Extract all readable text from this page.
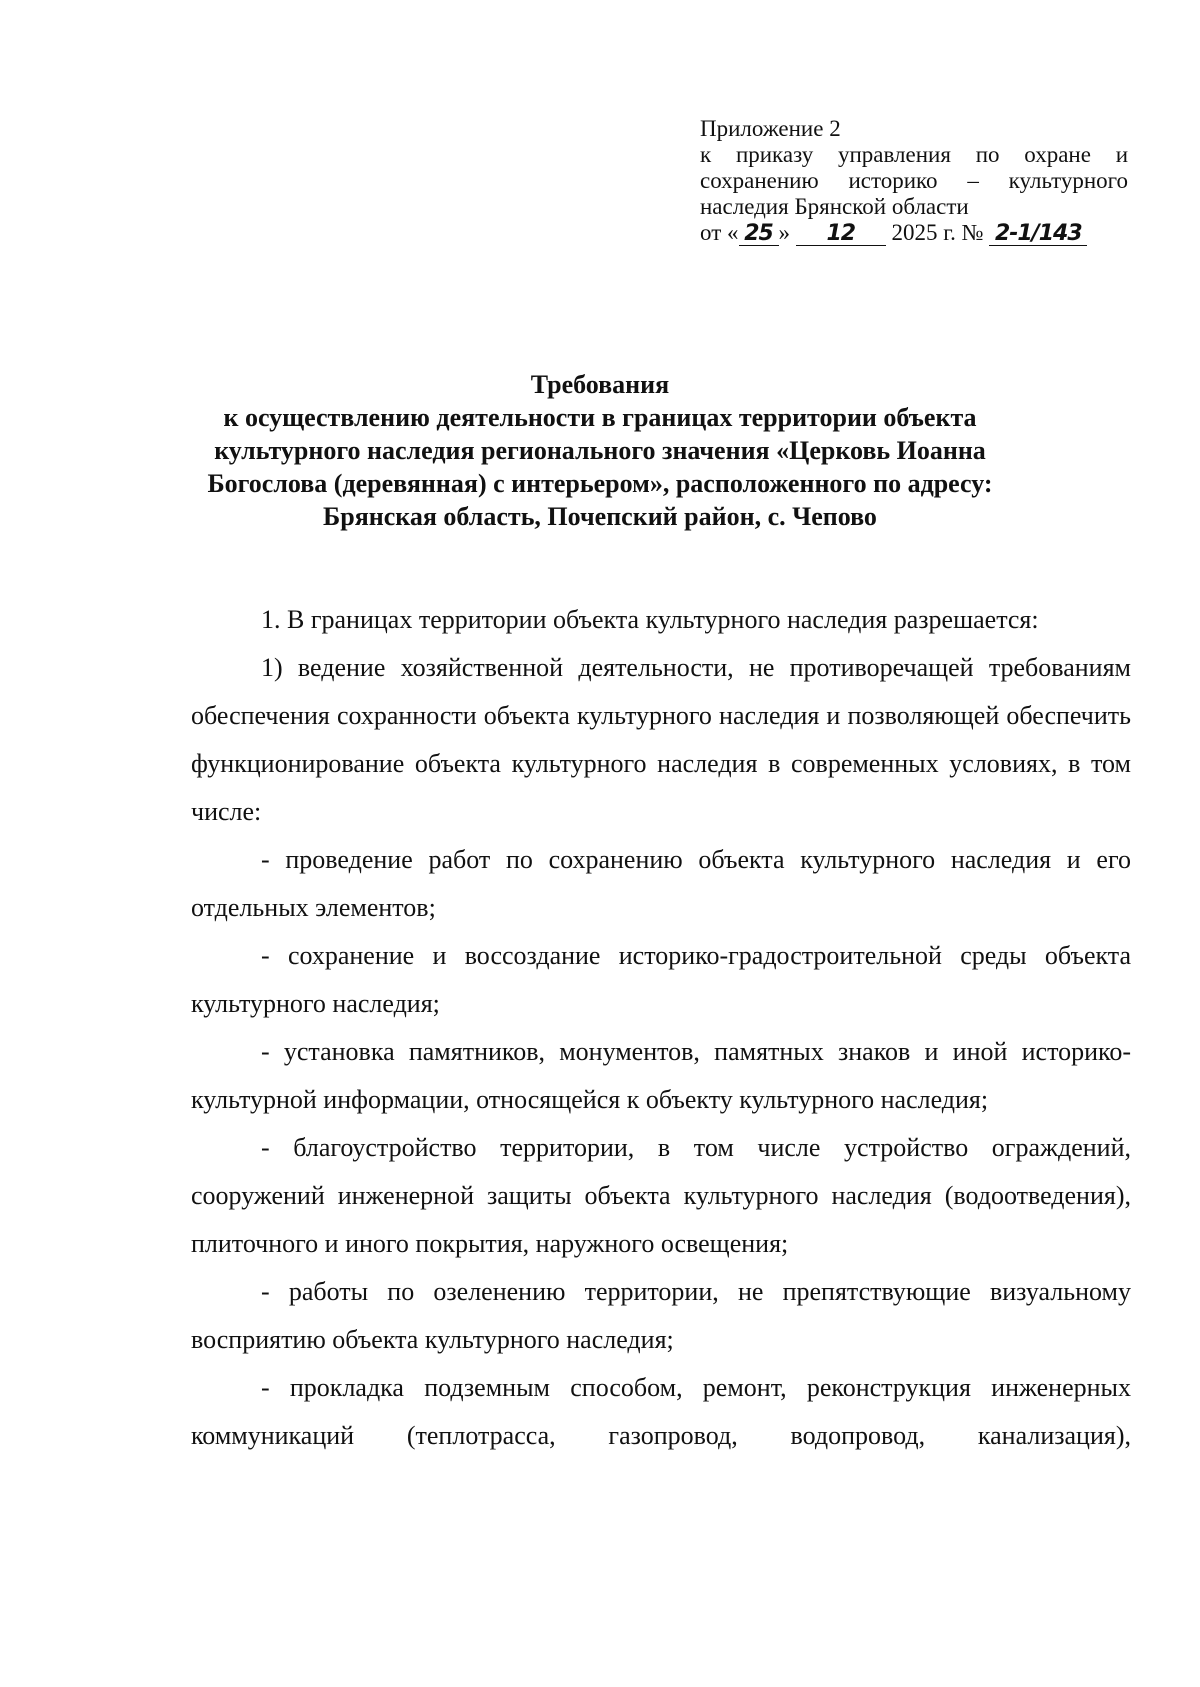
Приложение 2
к приказу управления по охране и
сохранению историко – культурного
наследия Брянской области
от « 25 » 12 2025 г. № 2-1/143
Требования
к осуществлению деятельности в границах территории объекта
культурного наследия регионального значения «Церковь Иоанна
Богослова (деревянная) с интерьером», расположенного по адресу:
Брянская область, Почепский район, с. Чепово

1. В границах территории объекта культурного наследия разрешается:

1) ведение хозяйственной деятельности, не противоречащей требованиям обеспечения сохранности объекта культурного наследия и позволяющей обеспечить функционирование объекта культурного наследия в современных условиях, в том числе:

- проведение работ по сохранению объекта культурного наследия и его отдельных элементов;

- сохранение и воссоздание историко-градостроительной среды объекта культурного наследия;

- установка памятников, монументов, памятных знаков и иной историко-культурной информации, относящейся к объекту культурного наследия;

- благоустройство территории, в том числе устройство ограждений, сооружений инженерной защиты объекта культурного наследия (водоотведения), плиточного и иного покрытия, наружного освещения;

- работы по озеленению территории, не препятствующие визуальному восприятию объекта культурного наследия;

- прокладка подземным способом, ремонт, реконструкция инженерных коммуникаций (теплотрасса, газопровод, водопровод, канализация),
